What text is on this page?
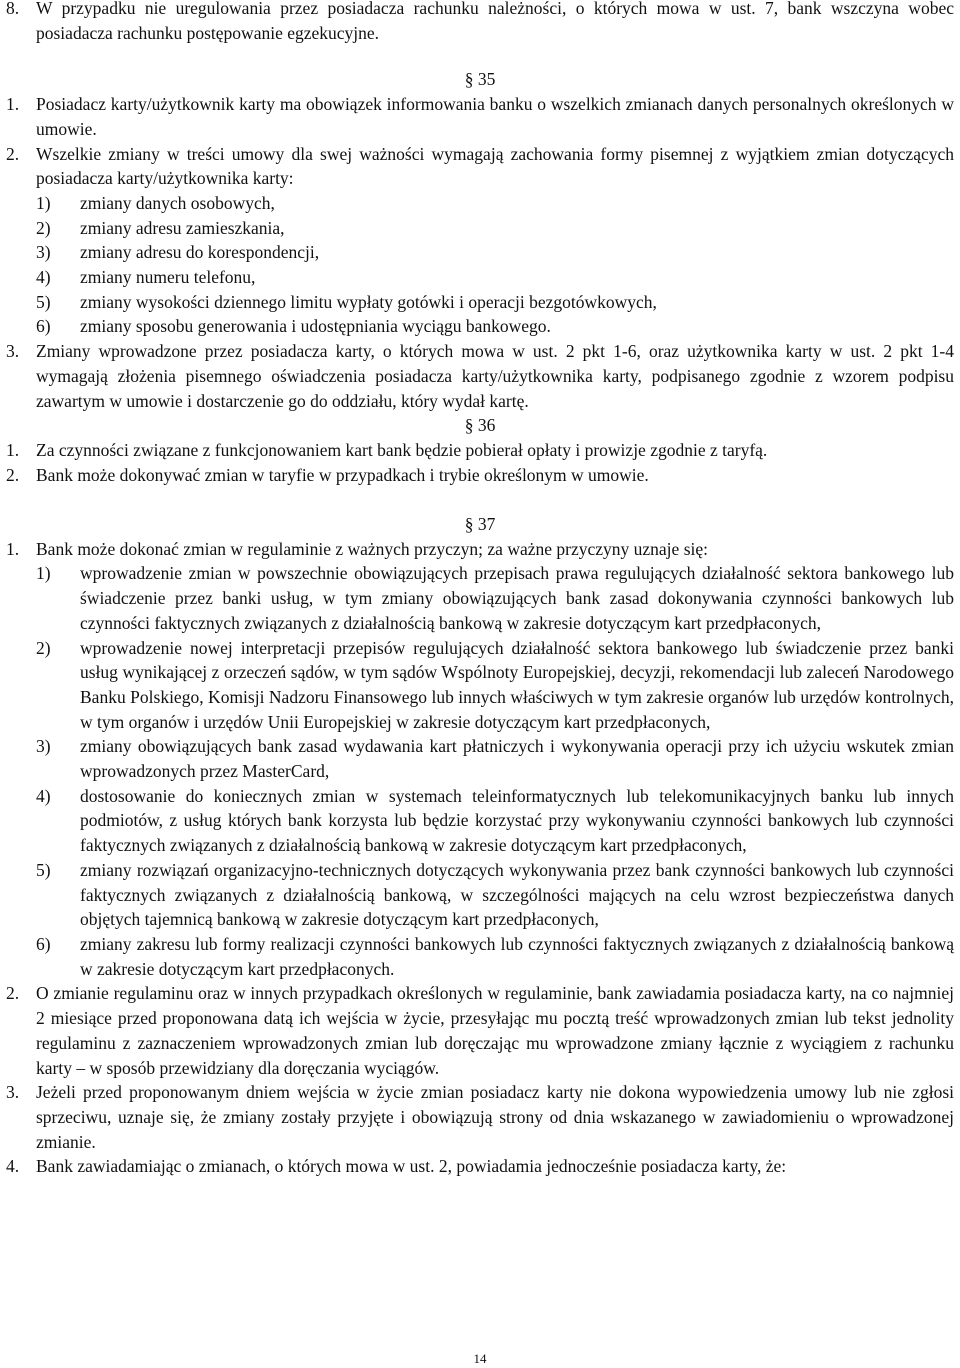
8. W przypadku nie uregulowania przez posiadacza rachunku należności, o których mowa w ust. 7, bank wszczyna wobec posiadacza rachunku postępowanie egzekucyjne.
§ 35
1. Posiadacz karty/użytkownik karty ma obowiązek informowania banku o wszelkich zmianach danych personalnych określonych w umowie.
2. Wszelkie zmiany w treści umowy dla swej ważności wymagają zachowania formy pisemnej z wyjątkiem zmian dotyczących posiadacza karty/użytkownika karty:
1)	zmiany danych osobowych,
2)	zmiany adresu zamieszkania,
3)	zmiany adresu do korespondencji,
4)	zmiany numeru telefonu,
5)	zmiany wysokości dziennego limitu wypłaty gotówki i operacji bezgotówkowych,
6)	zmiany sposobu generowania i udostępniania wyciągu bankowego.
3. Zmiany wprowadzone przez posiadacza karty, o których mowa w ust. 2 pkt 1-6, oraz użytkownika karty w ust. 2 pkt 1-4 wymagają złożenia pisemnego oświadczenia posiadacza karty/użytkownika karty, podpisanego zgodnie z wzorem podpisu zawartym w umowie i dostarczenie go do oddziału, który wydał kartę.
§ 36
1. Za czynności związane z funkcjonowaniem kart bank będzie pobierał opłaty i prowizje zgodnie z taryfą.
2. Bank może dokonywać zmian w taryfie w przypadkach i trybie określonym w umowie.
§ 37
1. Bank może dokonać zmian w regulaminie z ważnych przyczyn; za ważne przyczyny uznaje się:
1)	wprowadzenie zmian w powszechnie obowiązujących przepisach prawa regulujących działalność sektora bankowego lub świadczenie przez banki usług, w tym zmiany obowiązujących bank zasad dokonywania czynności bankowych lub czynności faktycznych związanych z działalnością bankową w zakresie dotyczącym kart przedpłaconych,
2)	wprowadzenie nowej interpretacji przepisów regulujących działalność sektora bankowego lub świadczenie przez banki usług wynikającej z orzeczeń sądów, w tym sądów Wspólnoty Europejskiej, decyzji, rekomendacji lub zaleceń Narodowego Banku Polskiego, Komisji Nadzoru Finansowego lub innych właściwych w tym zakresie organów lub urzędów kontrolnych, w tym organów i urzędów Unii Europejskiej w zakresie dotyczącym kart przedpłaconych,
3)	zmiany obowiązujących bank zasad wydawania kart płatniczych i wykonywania operacji przy ich użyciu wskutek zmian wprowadzonych przez MasterCard,
4)	dostosowanie do koniecznych zmian w systemach teleinformatycznych lub telekomunikacyjnych banku lub innych podmiotów, z usług których bank korzysta lub będzie korzystać przy wykonywaniu czynności bankowych lub czynności faktycznych związanych z działalnością bankową w zakresie dotyczącym kart przedpłaconych,
5)	zmiany rozwiązań organizacyjno-technicznych dotyczących wykonywania przez bank czynności bankowych lub czynności faktycznych związanych z działalnością bankową, w szczególności mających na celu wzrost bezpieczeństwa danych objętych tajemnicą bankową w zakresie dotyczącym kart przedpłaconych,
6)	zmiany zakresu lub formy realizacji czynności bankowych lub czynności faktycznych związanych z działalnością bankową w zakresie dotyczącym kart przedpłaconych.
2. O zmianie regulaminu oraz w innych przypadkach określonych w regulaminie, bank zawiadamia posiadacza karty, na co najmniej 2 miesiące przed proponowana datą ich wejścia w życie, przesyłając mu pocztą treść wprowadzonych zmian lub tekst jednolity regulaminu z zaznaczeniem wprowadzonych zmian lub doręczając mu wprowadzone zmiany łącznie z wyciągiem z rachunku karty – w sposób przewidziany dla doręczania wyciągów.
3. Jeżeli przed proponowanym dniem wejścia w życie zmian posiadacz karty nie dokona wypowiedzenia umowy lub nie zgłosi sprzeciwu, uznaje się, że zmiany zostały przyjęte i obowiązują strony od dnia wskazanego w zawiadomieniu o wprowadzonej zmianie.
4. Bank zawiadamiając o zmianach, o których mowa w ust. 2, powiadamia jednocześnie posiadacza karty, że:
14
